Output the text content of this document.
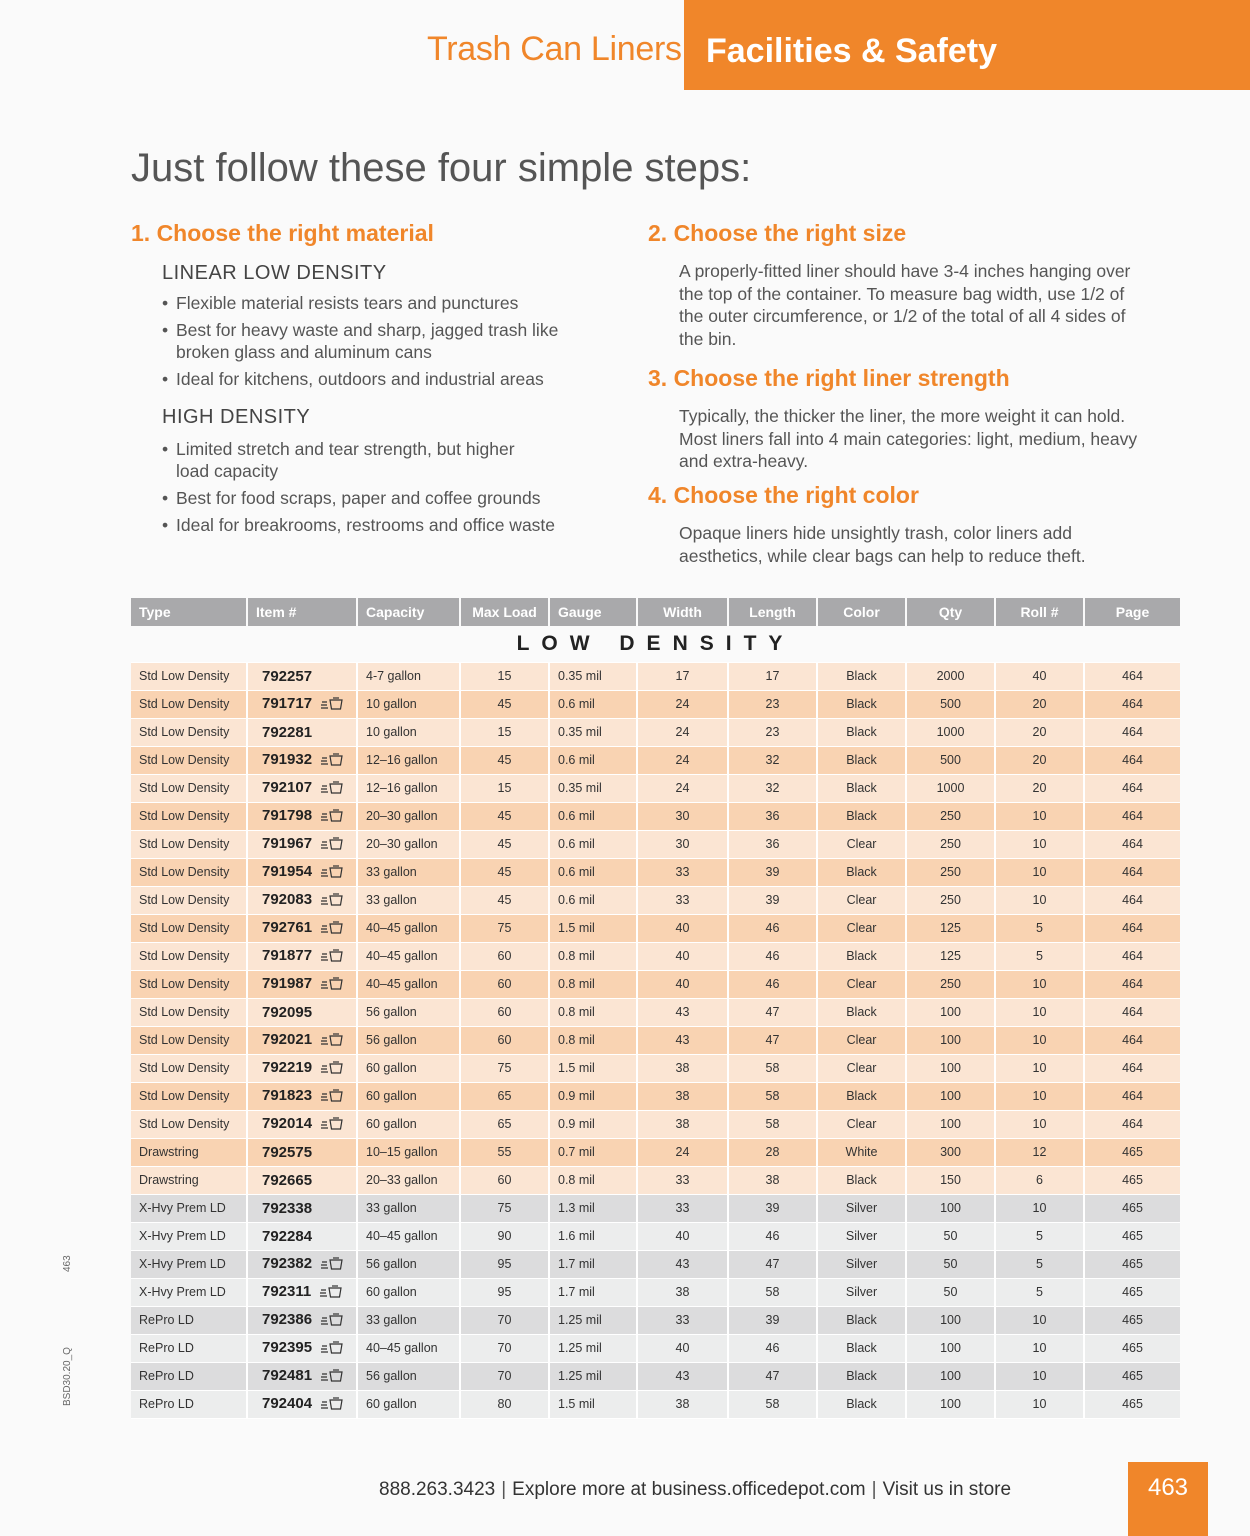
Trash Can Liners Facilities & Safety
Just follow these four simple steps:
1. Choose the right material
LINEAR LOW DENSITY
• Flexible material resists tears and punctures
• Best for heavy waste and sharp, jagged trash like broken glass and aluminum cans
• Ideal for kitchens, outdoors and industrial areas
HIGH DENSITY
• Limited stretch and tear strength, but higher load capacity
• Best for food scraps, paper and coffee grounds
• Ideal for breakrooms, restrooms and office waste
2. Choose the right size
A properly-fitted liner should have 3-4 inches hanging over the top of the container. To measure bag width, use 1/2 of the outer circumference, or 1/2 of the total of all 4 sides of the bin.
3. Choose the right liner strength
Typically, the thicker the liner, the more weight it can hold. Most liners fall into 4 main categories: light, medium, heavy and extra-heavy.
4. Choose the right color
Opaque liners hide unsightly trash, color liners add aesthetics, while clear bags can help to reduce theft.
Type	Item #	Capacity	Max Load	Gauge	Width	Length	Color	Qty	Roll #	Page
LOW DENSITY										
Std Low Density	792257	4-7 gallon	15	0.35 mil	17	17	Black	2000	40	464
Std Low Density	791717	10 gallon	45	0.6 mil	24	23	Black	500	20	464
Std Low Density	792281	10 gallon	15	0.35 mil	24	23	Black	1000	20	464
Std Low Density	791932	12–16 gallon	45	0.6 mil	24	32	Black	500	20	464
Std Low Density	792107	12–16 gallon	15	0.35 mil	24	32	Black	1000	20	464
Std Low Density	791798	20–30 gallon	45	0.6 mil	30	36	Black	250	10	464
Std Low Density	791967	20–30 gallon	45	0.6 mil	30	36	Clear	250	10	464
Std Low Density	791954	33 gallon	45	0.6 mil	33	39	Black	250	10	464
Std Low Density	792083	33 gallon	45	0.6 mil	33	39	Clear	250	10	464
Std Low Density	792761	40–45 gallon	75	1.5 mil	40	46	Clear	125	5	464
Std Low Density	791877	40–45 gallon	60	0.8 mil	40	46	Black	125	5	464
Std Low Density	791987	40–45 gallon	60	0.8 mil	40	46	Clear	250	10	464
Std Low Density	792095	56 gallon	60	0.8 mil	43	47	Black	100	10	464
Std Low Density	792021	56 gallon	60	0.8 mil	43	47	Clear	100	10	464
Std Low Density	792219	60 gallon	75	1.5 mil	38	58	Clear	100	10	464
Std Low Density	791823	60 gallon	65	0.9 mil	38	58	Black	100	10	464
Std Low Density	792014	60 gallon	65	0.9 mil	38	58	Clear	100	10	464
Drawstring	792575	10–15 gallon	55	0.7 mil	24	28	White	300	12	465
Drawstring	792665	20–33 gallon	60	0.8 mil	33	38	Black	150	6	465
X-Hvy Prem LD	792338	33 gallon	75	1.3 mil	33	39	Silver	100	10	465
X-Hvy Prem LD	792284	40–45 gallon	90	1.6 mil	40	46	Silver	50	5	465
X-Hvy Prem LD	792382	56 gallon	95	1.7 mil	43	47	Silver	50	5	465
X-Hvy Prem LD	792311	60 gallon	95	1.7 mil	38	58	Silver	50	5	465
RePro LD	792386	33 gallon	70	1.25 mil	33	39	Black	100	10	465
RePro LD	792395	40–45 gallon	70	1.25 mil	40	46	Black	100	10	465
RePro LD	792481	56 gallon	70	1.25 mil	43	47	Black	100	10	465
RePro LD	792404	60 gallon	80	1.5 mil	38	58	Black	100	10	465
463
BSD30.20_Q
888.263.3423 | Explore more at business.officedepot.com | Visit us in store	463
